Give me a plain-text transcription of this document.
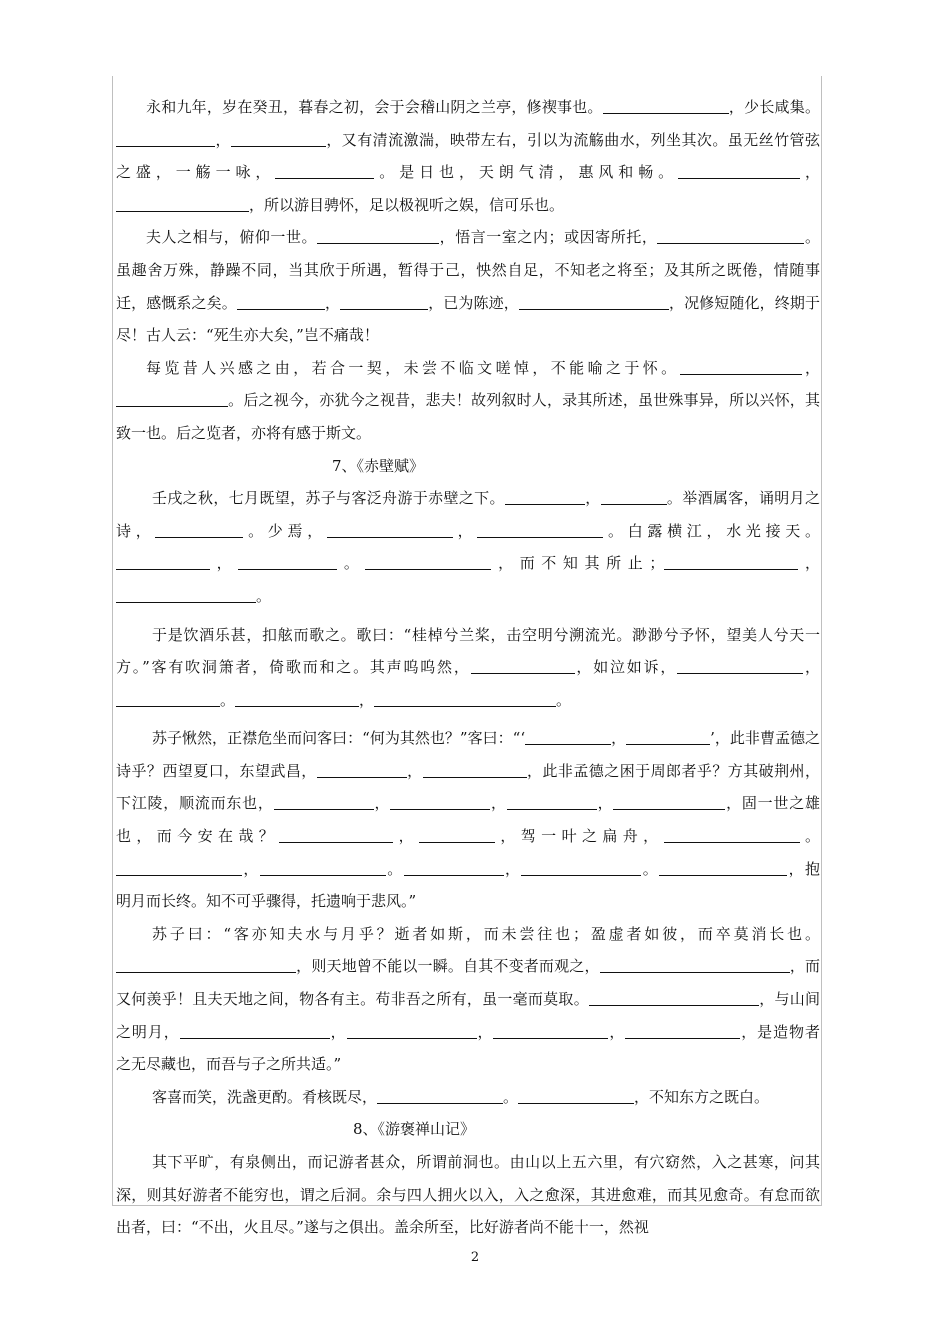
永和九年，岁在癸丑，暮春之初，会于会稽山阴之兰亭，修禊事也。	，少长咸集。，	，又有清流激湍，映带左右，引以为流觞曲水，列坐其次。虽无丝竹管弦之盛，一觞一咏，	。是日也，天朗气清，惠风和畅。	，，所以游目骋怀，足以极视听之娱，信可乐也。

夫人之相与，俯仰一世。	，悟言一室之内；或因寄所托，	。虽趣舍万殊，静躁不同，当其欣于所遇，暂得于己，怏然自足，不知老之将至；及其所之既倦，情随事迁，感慨系之矣。	，	，已为陈迹，	，况修短随化，终期于尽！古人云：“死生亦大矣，”岂不痛哉！

每览昔人兴感之由，若合一契，未尝不临文嗟悼，不能喻之于怀。	，。后之视今，亦犹今之视昔，悲夫！故列叙时人，录其所述，虽世殊事异，所以兴怀，其致一也。后之览者，亦将有感于斯文。

7、《赤壁赋》

壬戌之秋，七月既望，苏子与客泛舟游于赤壁之下。	，	。举酒属客，诵明月之诗，	。少焉，	，	。白露横江，水光接天。，	。	，而不知其所止；	，。

于是饮酒乐甚，扣舷而歌之。歌曰：“桂棹兮兰桨，击空明兮溯流光。渺渺兮予怀，望美人兮天一方。”客有吹洞箫者，倚歌而和之。其声呜呜然，	，如泣如诉，	，。	，	。

苏子愀然，正襟危坐而问客曰：“何为其然也？”客曰：“‘	，	’，此非曹孟德之诗乎？西望夏口，东望武昌，	，	，此非孟德之困于周郎者乎？方其破荆州，下江陵，顺流而东也，	，	，	，	，固一世之雄也，而今安在哉？	，	，驾一叶之扁舟，	。，	。	，	。	，抱明月而长终。知不可乎骤得，托遗响于悲风。”

苏子曰：“客亦知夫水与月乎？逝者如斯，而未尝往也；盈虚者如彼，而卒莫消长也。，则天地曾不能以一瞬。自其不变者而观之，	，而又何羡乎！且夫天地之间，物各有主。苟非吾之所有，虽一毫而莫取。	，与山间之明月，	，	，	，	，是造物者之无尽藏也，而吾与子之所共适。”

客喜而笑，洗盏更酌。肴核既尽，	。	，不知东方之既白。

8、《游褒禅山记》

其下平旷，有泉侧出，而记游者甚众，所谓前洞也。由山以上五六里，有穴窈然，入之甚寒，问其深，则其好游者不能穷也，谓之后洞。余与四人拥火以入，入之愈深，其进愈难，而其见愈奇。有怠而欲出者，曰：“不出，火且尽。”遂与之俱出。盖余所至，比好游者尚不能十一，然视

2
